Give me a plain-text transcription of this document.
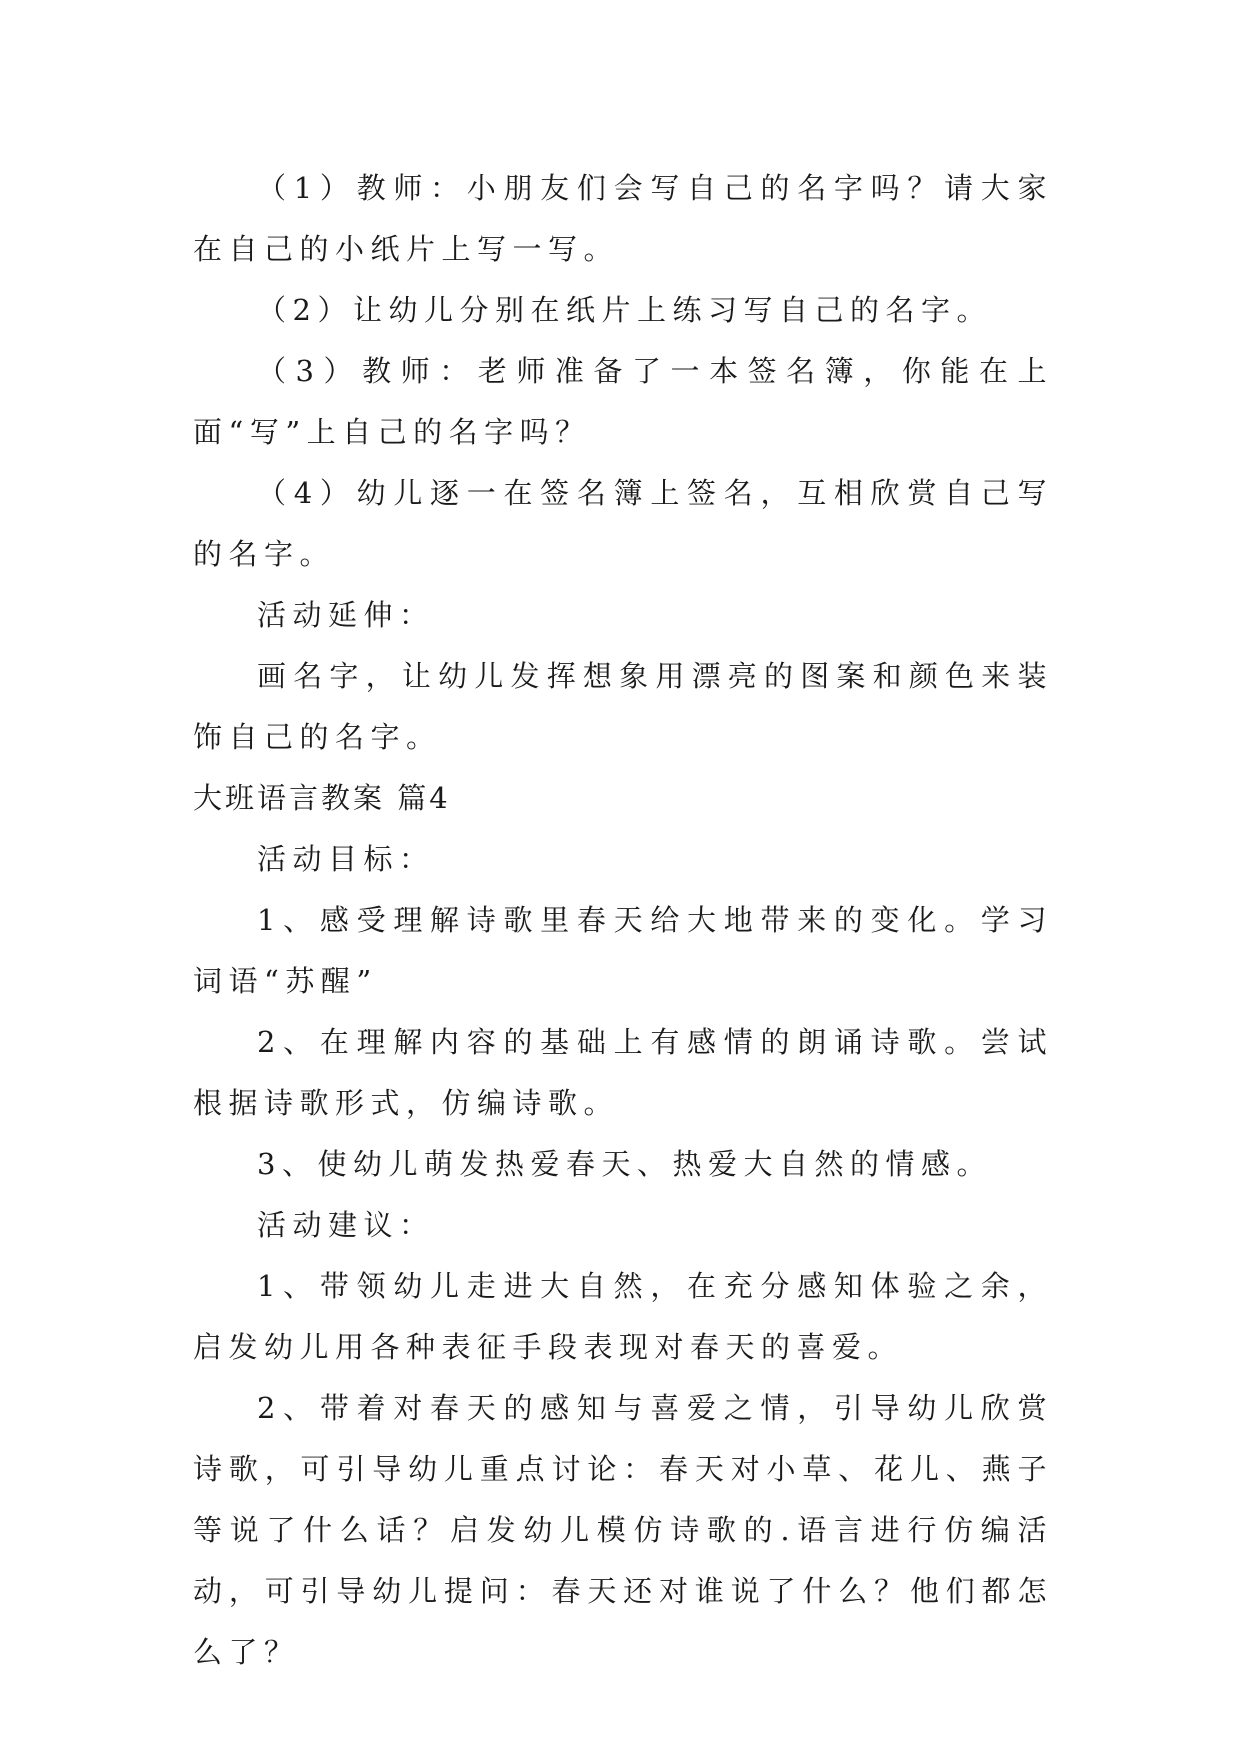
（1）教师：小朋友们会写自己的名字吗？请大家在自己的小纸片上写一写。

（2）让幼儿分别在纸片上练习写自己的名字。

（3）教师：老师准备了一本签名簿，你能在上面“写”上自己的名字吗？

（4）幼儿逐一在签名簿上签名，互相欣赏自己写的名字。

活动延伸：

画名字，让幼儿发挥想象用漂亮的图案和颜色来装饰自己的名字。

大班语言教案 篇4

活动目标：

1、感受理解诗歌里春天给大地带来的变化。学习词语“苏醒”

2、在理解内容的基础上有感情的朗诵诗歌。尝试根据诗歌形式，仿编诗歌。

3、使幼儿萌发热爱春天、热爱大自然的情感。

活动建议：

1、带领幼儿走进大自然，在充分感知体验之余，启发幼儿用各种表征手段表现对春天的喜爱。

2、带着对春天的感知与喜爱之情，引导幼儿欣赏诗歌，可引导幼儿重点讨论：春天对小草、花儿、燕子等说了什么话？启发幼儿模仿诗歌的.语言进行仿编活动，可引导幼儿提问：春天还对谁说了什么？他们都怎么了？
